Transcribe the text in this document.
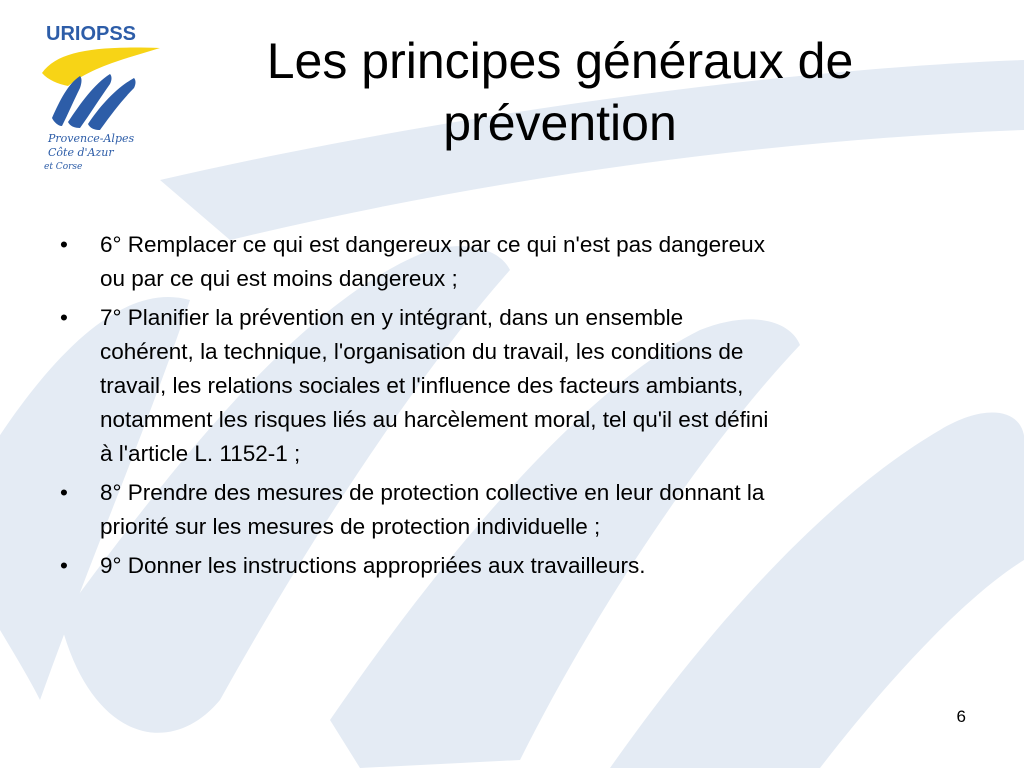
URIOPSS
Provence-Alpes
Côte d'Azur
et Corse
Les principes généraux de
prévention
•	6° Remplacer ce qui est dangereux par ce qui n'est pas dangereux
ou par ce qui est moins dangereux ;
•	7° Planifier la prévention en y intégrant, dans un ensemble
cohérent, la technique, l'organisation du travail, les conditions de
travail, les relations sociales et l'influence des facteurs ambiants,
notamment les risques liés au harcèlement moral, tel qu'il est défini
à l'article L. 1152-1 ;
•	8° Prendre des mesures de protection collective en leur donnant la
priorité sur les mesures de protection individuelle ;
•	9° Donner les instructions appropriées aux travailleurs.
6
